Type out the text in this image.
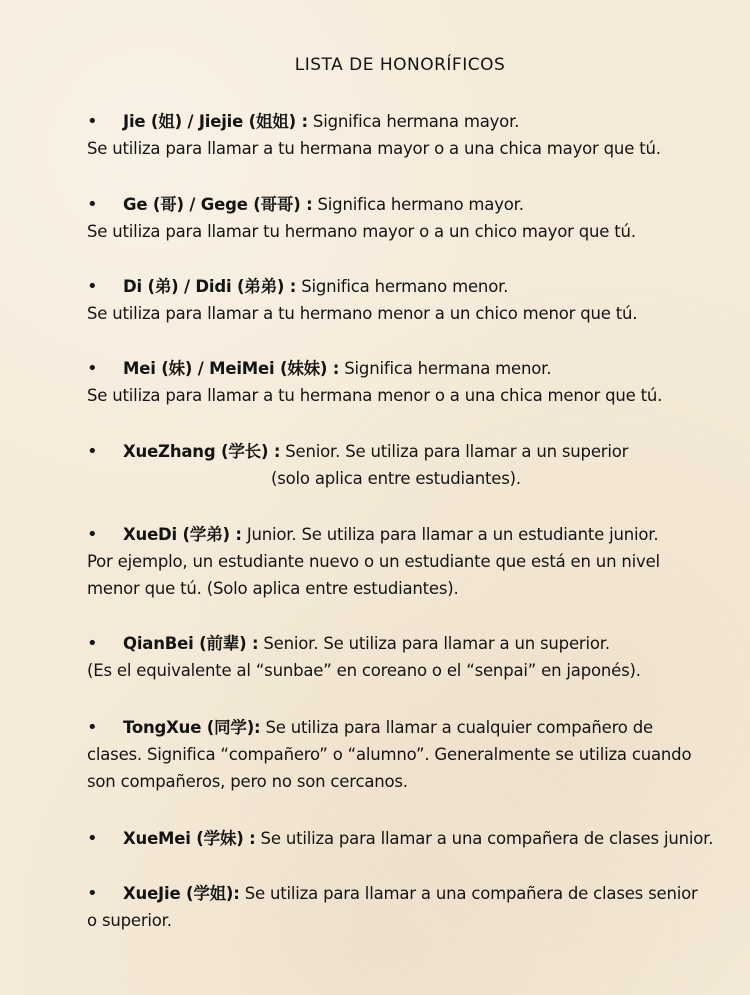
LISTA DE HONORÍFICOS
• Jie (姐) / Jiejie (姐姐) : Significa hermana mayor.
Se utiliza para llamar a tu hermana mayor o a una chica mayor que tú.
• Ge (哥) / Gege (哥哥) : Significa hermano mayor.
Se utiliza para llamar tu hermano mayor o a un chico mayor que tú.
• Di (弟) / Didi (弟弟) : Significa hermano menor.
Se utiliza para llamar a tu hermano menor a un chico menor que tú.
• Mei (妹) / MeiMei (妹妹) : Significa hermana menor.
Se utiliza para llamar a tu hermana menor o a una chica menor que tú.
• XueZhang (学长) : Senior. Se utiliza para llamar a un superior
(solo aplica entre estudiantes).
• XueDi (学弟) : Junior. Se utiliza para llamar a un estudiante junior.
Por ejemplo, un estudiante nuevo o un estudiante que está en un nivel
menor que tú. (Solo aplica entre estudiantes).
• QianBei (前辈) : Senior. Se utiliza para llamar a un superior.
(Es el equivalente al “sunbae” en coreano o el “senpai” en japonés).
• TongXue (同学): Se utiliza para llamar a cualquier compañero de
clases. Significa “compañero” o “alumno”. Generalmente se utiliza cuando
son compañeros, pero no son cercanos.
• XueMei (学妹) : Se utiliza para llamar a una compañera de clases junior.
• XueJie (学姐): Se utiliza para llamar a una compañera de clases senior
o superior.
